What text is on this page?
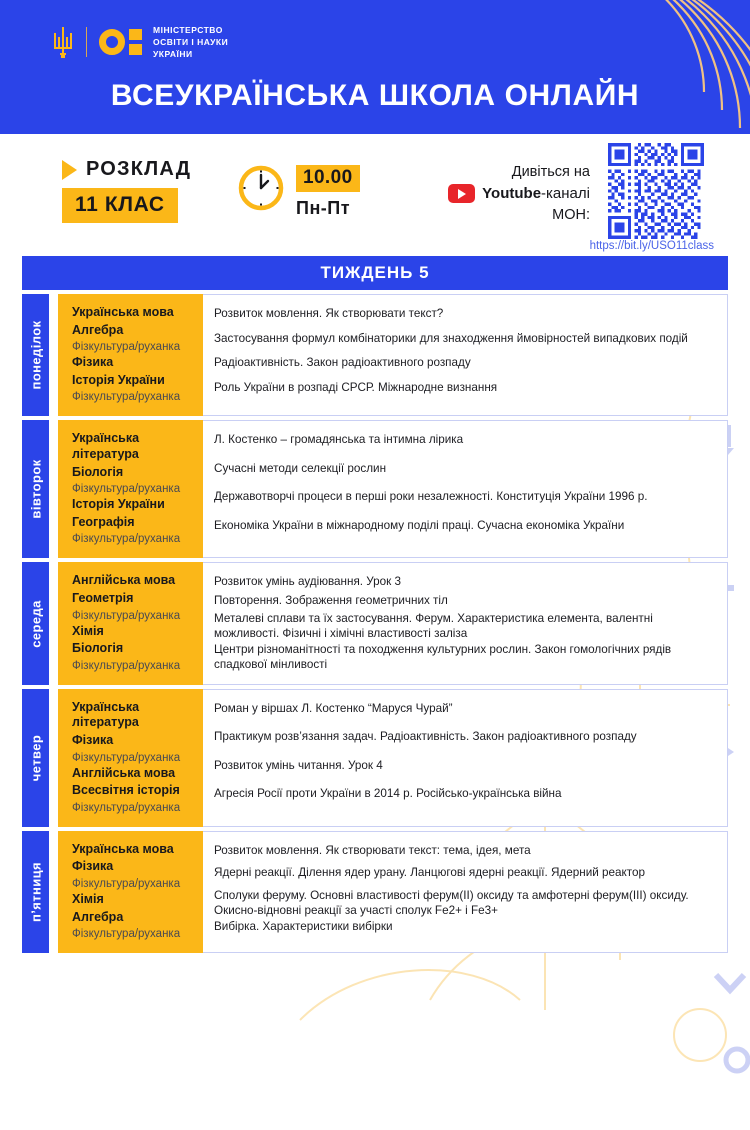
МІНІСТЕРСТВО
ОСВІТИ І НАУКИ
УКРАЇНИ
ВСЕУКРАЇНСЬКА ШКОЛА ОНЛАЙН
РОЗКЛАД
11 КЛАС
10.00
Пн-Пт
Дивіться на
Youtube-каналі
МОН:
https://bit.ly/USO11class
ТИЖДЕНЬ 5
понеділок
Українська мова
Алгебра
Фізкультура/руханка
Фізика
Історія України
Фізкультура/руханка
Розвиток мовлення. Як створювати текст?
Застосування формул комбінаторики для знаходження ймовірностей випадкових подій
Радіоактивність. Закон радіоактивного розпаду
Роль України в розпаді СРСР. Міжнародне визнання
вівторок
Українська література
Біологія
Фізкультура/руханка
Історія України
Географія
Фізкультура/руханка
Л. Костенко – громадянська та інтимна лірика
Сучасні методи селекції рослин
Державотворчі процеси в перші роки незалежності. Конституція України 1996 р.
Економіка України в міжнародному поділі праці. Сучасна економіка України
середа
Англійська мова
Геометрія
Фізкультура/руханка
Хімія
Біологія
Фізкультура/руханка
Розвиток умінь аудіювання. Урок 3
Повторення. Зображення геометричних тіл
Металеві сплави та їх застосування. Ферум. Характеристика елемента, валентні можливості. Фізичні і хімічні властивості заліза
Центри різноманітності та походження культурних рослин. Закон гомологічних рядів спадкової мінливості
четвер
Українська література
Фізика
Фізкультура/руханка
Англійська мова
Всесвітня історія
Фізкультура/руханка
Роман у віршах Л. Костенко “Маруся Чурай”
Практикум розв’язання задач. Радіоактивність. Закон радіоактивного розпаду
Розвиток умінь читання. Урок 4
Агресія Росії проти України в 2014 р. Російсько-українська війна
п’ятниця
Українська мова
Фізика
Фізкультура/руханка
Хімія
Алгебра
Фізкультура/руханка
Розвиток мовлення. Як створювати текст: тема, ідея, мета
Ядерні реакції. Ділення ядер урану. Ланцюгові ядерні реакції. Ядерний реактор
Сполуки феруму. Основні властивості ферум(II) оксиду та амфотерні ферум(III) оксиду. Окисно-відновні реакції за участі сполук Fe2+ і Fe3+
Вибірка. Характеристики вибірки
